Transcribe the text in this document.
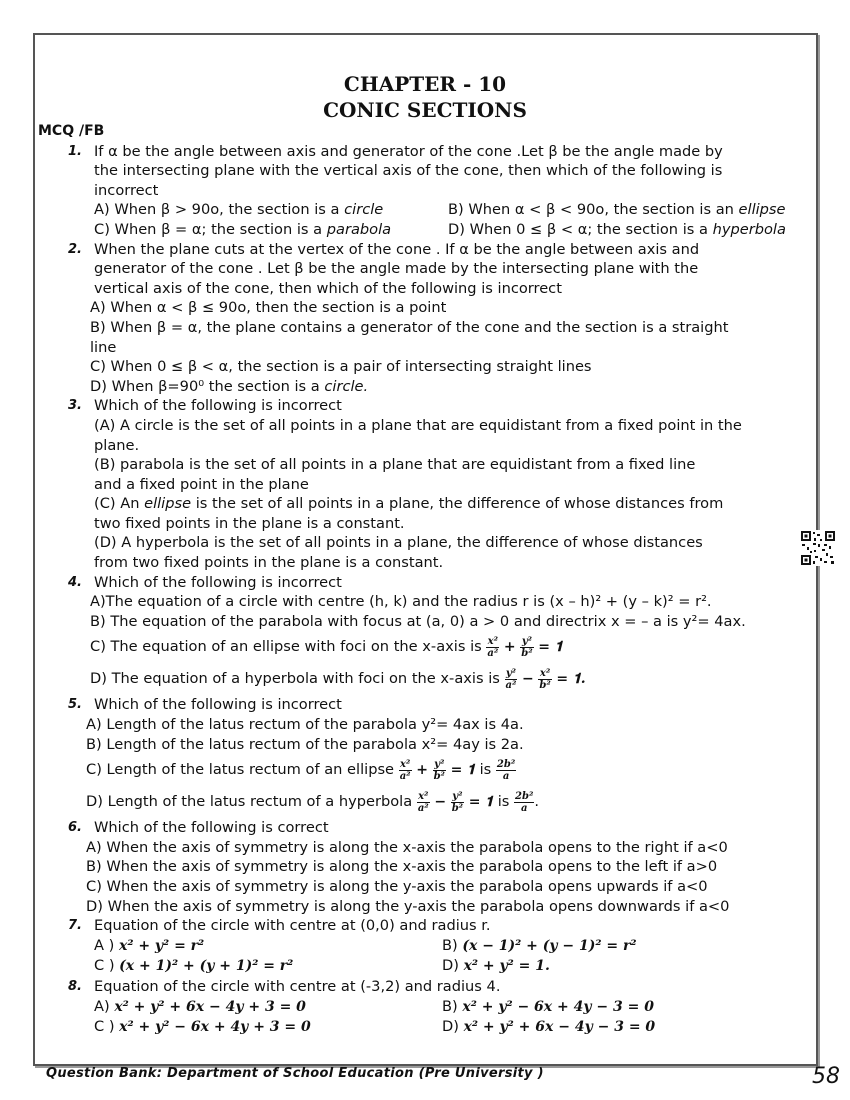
CHAPTER - 10
CONIC SECTIONS
MCQ /FB
1. If α be the angle between axis and generator of the cone .Let β be the angle made by
the intersecting plane with the vertical axis of the cone, then which of the following is
incorrect
A) When β > 90o, the section is a circle	B) When α < β < 90o, the section is an ellipse
C) When β = α; the section is a parabola	D) When 0 ≤ β < α; the section is a hyperbola
2. When the plane cuts at the vertex of the cone . If α be the angle between axis and
generator of the cone . Let β be the angle made by the intersecting plane with the
vertical axis of the cone, then which of the following is incorrect
A) When α < β ≤ 90o, then the section is a point
B) When β = α, the plane contains a generator of the cone and the section is a straight
line
C) When 0 ≤ β < α, the section is a pair of intersecting straight lines
D) When β=90⁰ the section is a circle.
3. Which of the following is incorrect
(A) A circle is the set of all points in a plane that are equidistant from a fixed point in the
plane.
(B) parabola is the set of all points in a plane that are equidistant from a fixed line
and a fixed point in the plane
(C) An ellipse is the set of all points in a plane, the difference of whose distances from
two fixed points in the plane is a constant.
(D) A hyperbola is the set of all points in a plane, the difference of whose distances
from two fixed points in the plane is a constant.
4. Which of the following is incorrect
A)The equation of a circle with centre (h, k) and the radius r is (x – h)² + (y – k)² = r².
B) The equation of the parabola with focus at (a, 0) a > 0 and directrix x = – a is y²= 4ax.
C) The equation of an ellipse with foci on the x-axis is $\frac{\text{x²}}{\text{a²}} + \frac{\text{y²}}{\text{b²}}$ = 𝟏
D) The equation of a hyperbola with foci on the x-axis is $\frac{\text{y²}}{\text{a²}} - \frac{\text{x²}}{\text{b²}}$ = 𝟏.
5. Which of the following is incorrect
A) Length of the latus rectum of the parabola y²= 4ax is 4a.
B) Length of the latus rectum of the parabola x²= 4ay is 2a.
C) Length of the latus rectum of an ellipse $\frac{\text{x²}}{\text{a²}} + \frac{\text{y²}}{\text{b²}}$ = 𝟏 is $\frac{\text{2b²}}{a}$
D) Length of the latus rectum of a hyperbola $\frac{\text{x²}}{\text{a²}} - \frac{\text{y²}}{\text{b²}}$ = 𝟏 is $\frac{\text{2b²}}{a}$ .
6. Which of the following is correct
A) When the axis of symmetry is along the x-axis the parabola opens to the right if a<0
B) When the axis of symmetry is along the x-axis the parabola opens to the left if a>0
C) When the axis of symmetry is along the y-axis the parabola opens upwards if a<0
D) When the axis of symmetry is along the y-axis the parabola opens downwards if a<0
7. Equation of the circle with centre at (0,0) and radius r.
A ) x² + y² = r²	B) (x − 1)² + (y − 1)² = r²
C ) (x + 1)² + (y + 1)² = r²	D) x² + y² = 1.
8. Equation of the circle with centre at (-3,2) and radius 4.
A) x² + y² + 6x − 4y + 3 = 0	B) x² + y² − 6x + 4y − 3 = 0
C ) x² + y² − 6x + 4y + 3 = 0	D) x² + y² + 6x − 4y − 3 = 0
Question Bank: Department of School Education (Pre University )	58
